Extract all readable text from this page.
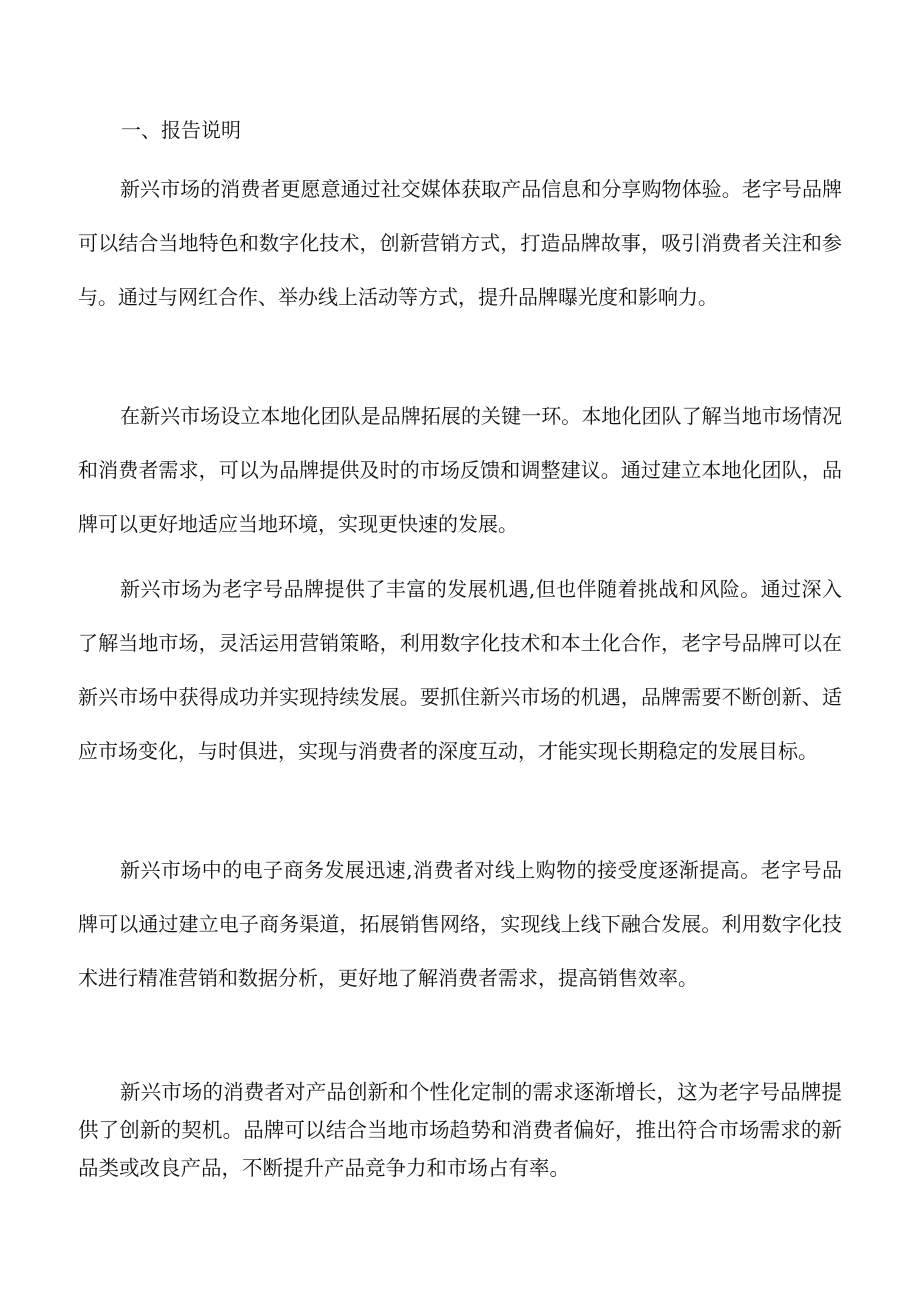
一、报告说明

新兴市场的消费者更愿意通过社交媒体获取产品信息和分享购物体验。老字号品牌可以结合当地特色和数字化技术，创新营销方式，打造品牌故事，吸引消费者关注和参与。通过与网红合作、举办线上活动等方式，提升品牌曝光度和影响力。

在新兴市场设立本地化团队是品牌拓展的关键一环。本地化团队了解当地市场情况和消费者需求，可以为品牌提供及时的市场反馈和调整建议。通过建立本地化团队，品牌可以更好地适应当地环境，实现更快速的发展。

新兴市场为老字号品牌提供了丰富的发展机遇,但也伴随着挑战和风险。通过深入了解当地市场，灵活运用营销策略，利用数字化技术和本土化合作，老字号品牌可以在新兴市场中获得成功并实现持续发展。要抓住新兴市场的机遇，品牌需要不断创新、适应市场变化，与时俱进，实现与消费者的深度互动，才能实现长期稳定的发展目标。

新兴市场中的电子商务发展迅速,消费者对线上购物的接受度逐渐提高。老字号品牌可以通过建立电子商务渠道，拓展销售网络，实现线上线下融合发展。利用数字化技术进行精准营销和数据分析，更好地了解消费者需求，提高销售效率。

新兴市场的消费者对产品创新和个性化定制的需求逐渐增长，这为老字号品牌提供了创新的契机。品牌可以结合当地市场趋势和消费者偏好，推出符合市场需求的新品类或改良产品，不断提升产品竞争力和市场占有率。
